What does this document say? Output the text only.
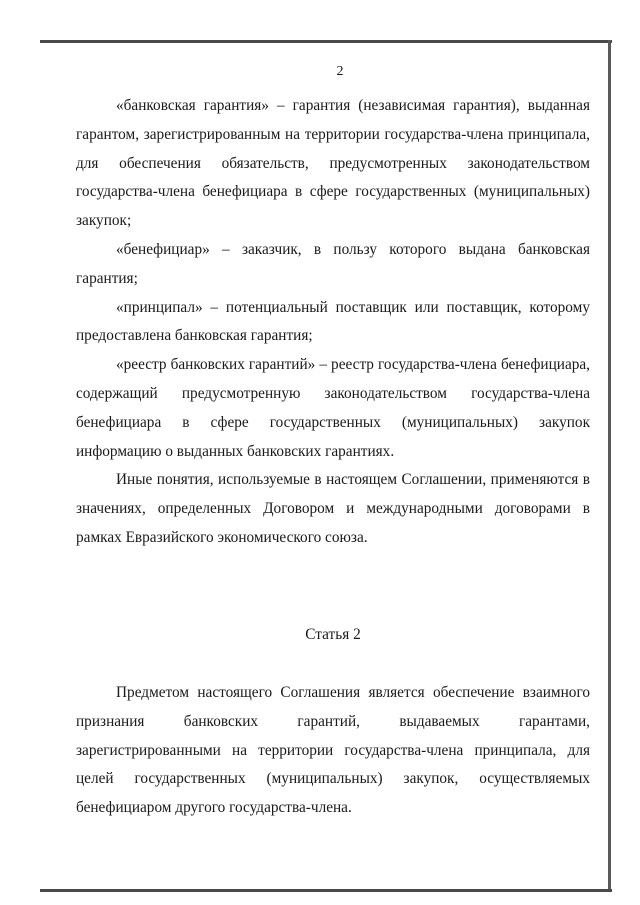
2

«банковская гарантия» – гарантия (независимая гарантия), выданная гарантом, зарегистрированным на территории государства-члена принципала, для обеспечения обязательств, предусмотренных законодательством государства-члена бенефициара в сфере государственных (муниципальных) закупок;

«бенефициар» – заказчик, в пользу которого выдана банковская гарантия;

«принципал» – потенциальный поставщик или поставщик, которому предоставлена банковская гарантия;

«реестр банковских гарантий» – реестр государства-члена бенефициара, содержащий предусмотренную законодательством государства-члена бенефициара в сфере государственных (муниципальных) закупок информацию о выданных банковских гарантиях.

Иные понятия, используемые в настоящем Соглашении, применяются в значениях, определенных Договором и международными договорами в рамках Евразийского экономического союза.

Статья 2

Предметом настоящего Соглашения является обеспечение взаимного признания банковских гарантий, выдаваемых гарантами, зарегистрированными на территории государства-члена принципала, для целей государственных (муниципальных) закупок, осуществляемых бенефициаром другого государства-члена.
